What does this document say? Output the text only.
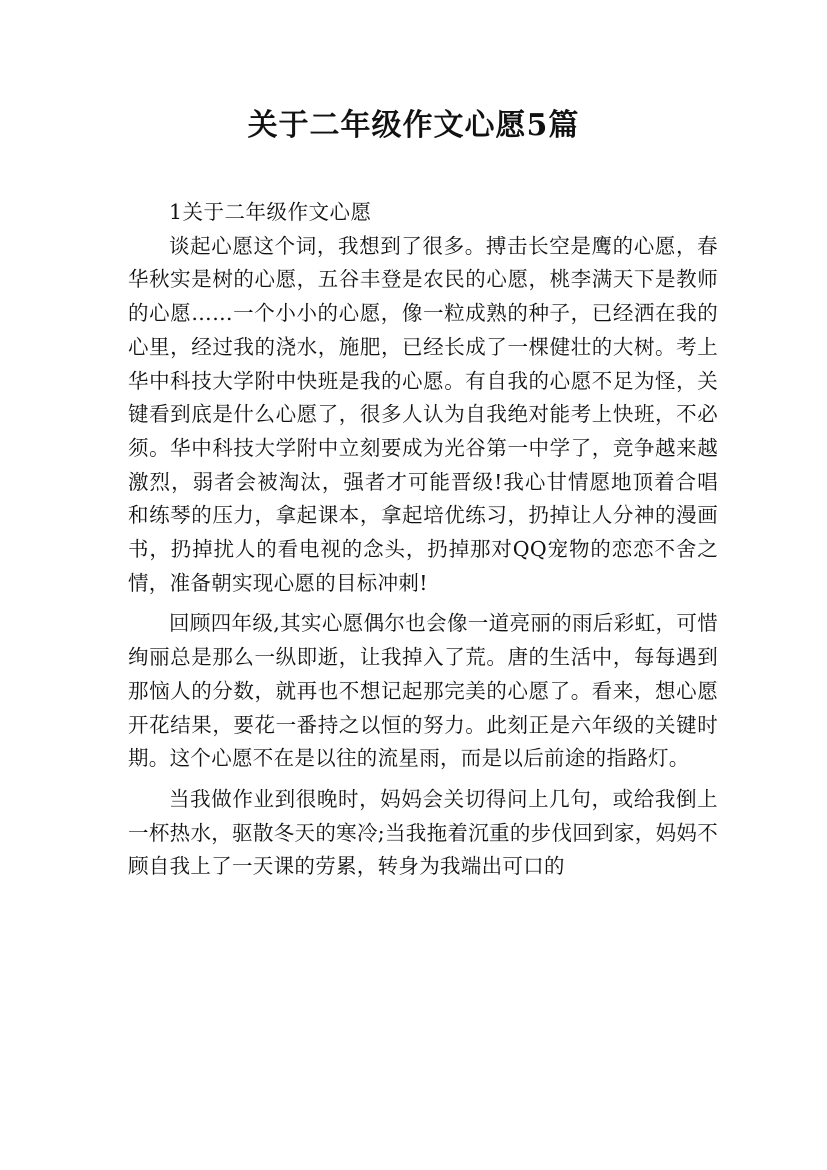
关于二年级作文心愿5篇

1关于二年级作文心愿

谈起心愿这个词，我想到了很多。搏击长空是鹰的心愿，春华秋实是树的心愿，五谷丰登是农民的心愿，桃李满天下是教师的心愿……一个小小的心愿，像一粒成熟的种子，已经洒在我的心里，经过我的浇水，施肥，已经长成了一棵健壮的大树。考上华中科技大学附中快班是我的心愿。有自我的心愿不足为怪，关键看到底是什么心愿了，很多人认为自我绝对能考上快班，不必须。华中科技大学附中立刻要成为光谷第一中学了，竞争越来越激烈，弱者会被淘汰，强者才可能晋级!我心甘情愿地顶着合唱和练琴的压力，拿起课本，拿起培优练习，扔掉让人分神的漫画书，扔掉扰人的看电视的念头，扔掉那对QQ宠物的恋恋不舍之情，准备朝实现心愿的目标冲刺!

回顾四年级,其实心愿偶尔也会像一道亮丽的雨后彩虹，可惜绚丽总是那么一纵即逝，让我掉入了荒。唐的生活中，每每遇到那恼人的分数，就再也不想记起那完美的心愿了。看来，想心愿开花结果，要花一番持之以恒的努力。此刻正是六年级的关键时期。这个心愿不在是以往的流星雨，而是以后前途的指路灯。

当我做作业到很晚时，妈妈会关切得问上几句，或给我倒上一杯热水，驱散冬天的寒冷;当我拖着沉重的步伐回到家，妈妈不顾自我上了一天课的劳累，转身为我端出可口的
